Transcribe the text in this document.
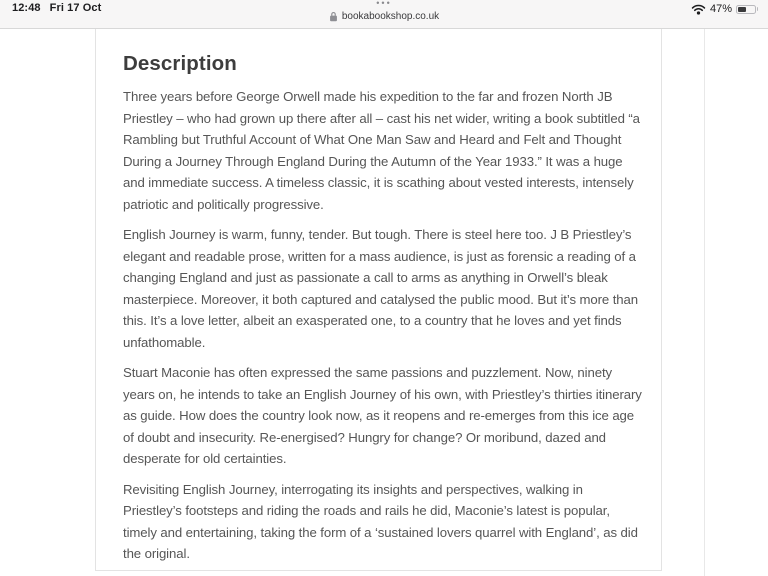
12:48 Fri 17 Oct	•••
bookabookshop.co.uk
47%
Description

Three years before George Orwell made his expedition to the far and frozen North JB Priestley – who had grown up there after all – cast his net wider, writing a book subtitled “a Rambling but Truthful Account of What One Man Saw and Heard and Felt and Thought During a Journey Through England During the Autumn of the Year 1933.” It was a huge and immediate success. A timeless classic, it is scathing about vested interests, intensely patriotic and politically progressive.

English Journey is warm, funny, tender. But tough. There is steel here too. J B Priestley’s elegant and readable prose, written for a mass audience, is just as forensic a reading of a changing England and just as passionate a call to arms as anything in Orwell’s bleak masterpiece. Moreover, it both captured and catalysed the public mood. But it’s more than this. It’s a love letter, albeit an exasperated one, to a country that he loves and yet finds unfathomable.

Stuart Maconie has often expressed the same passions and puzzlement. Now, ninety years on, he intends to take an English Journey of his own, with Priestley’s thirties itinerary as guide. How does the country look now, as it reopens and re-emerges from this ice age of doubt and insecurity. Re-energised? Hungry for change? Or moribund, dazed and desperate for old certainties.

Revisiting English Journey, interrogating its insights and perspectives, walking in Priestley’s footsteps and riding the roads and rails he did, Maconie’s latest is popular, timely and entertaining, taking the form of a ‘sustained lovers quarrel with England’, as did the original.
